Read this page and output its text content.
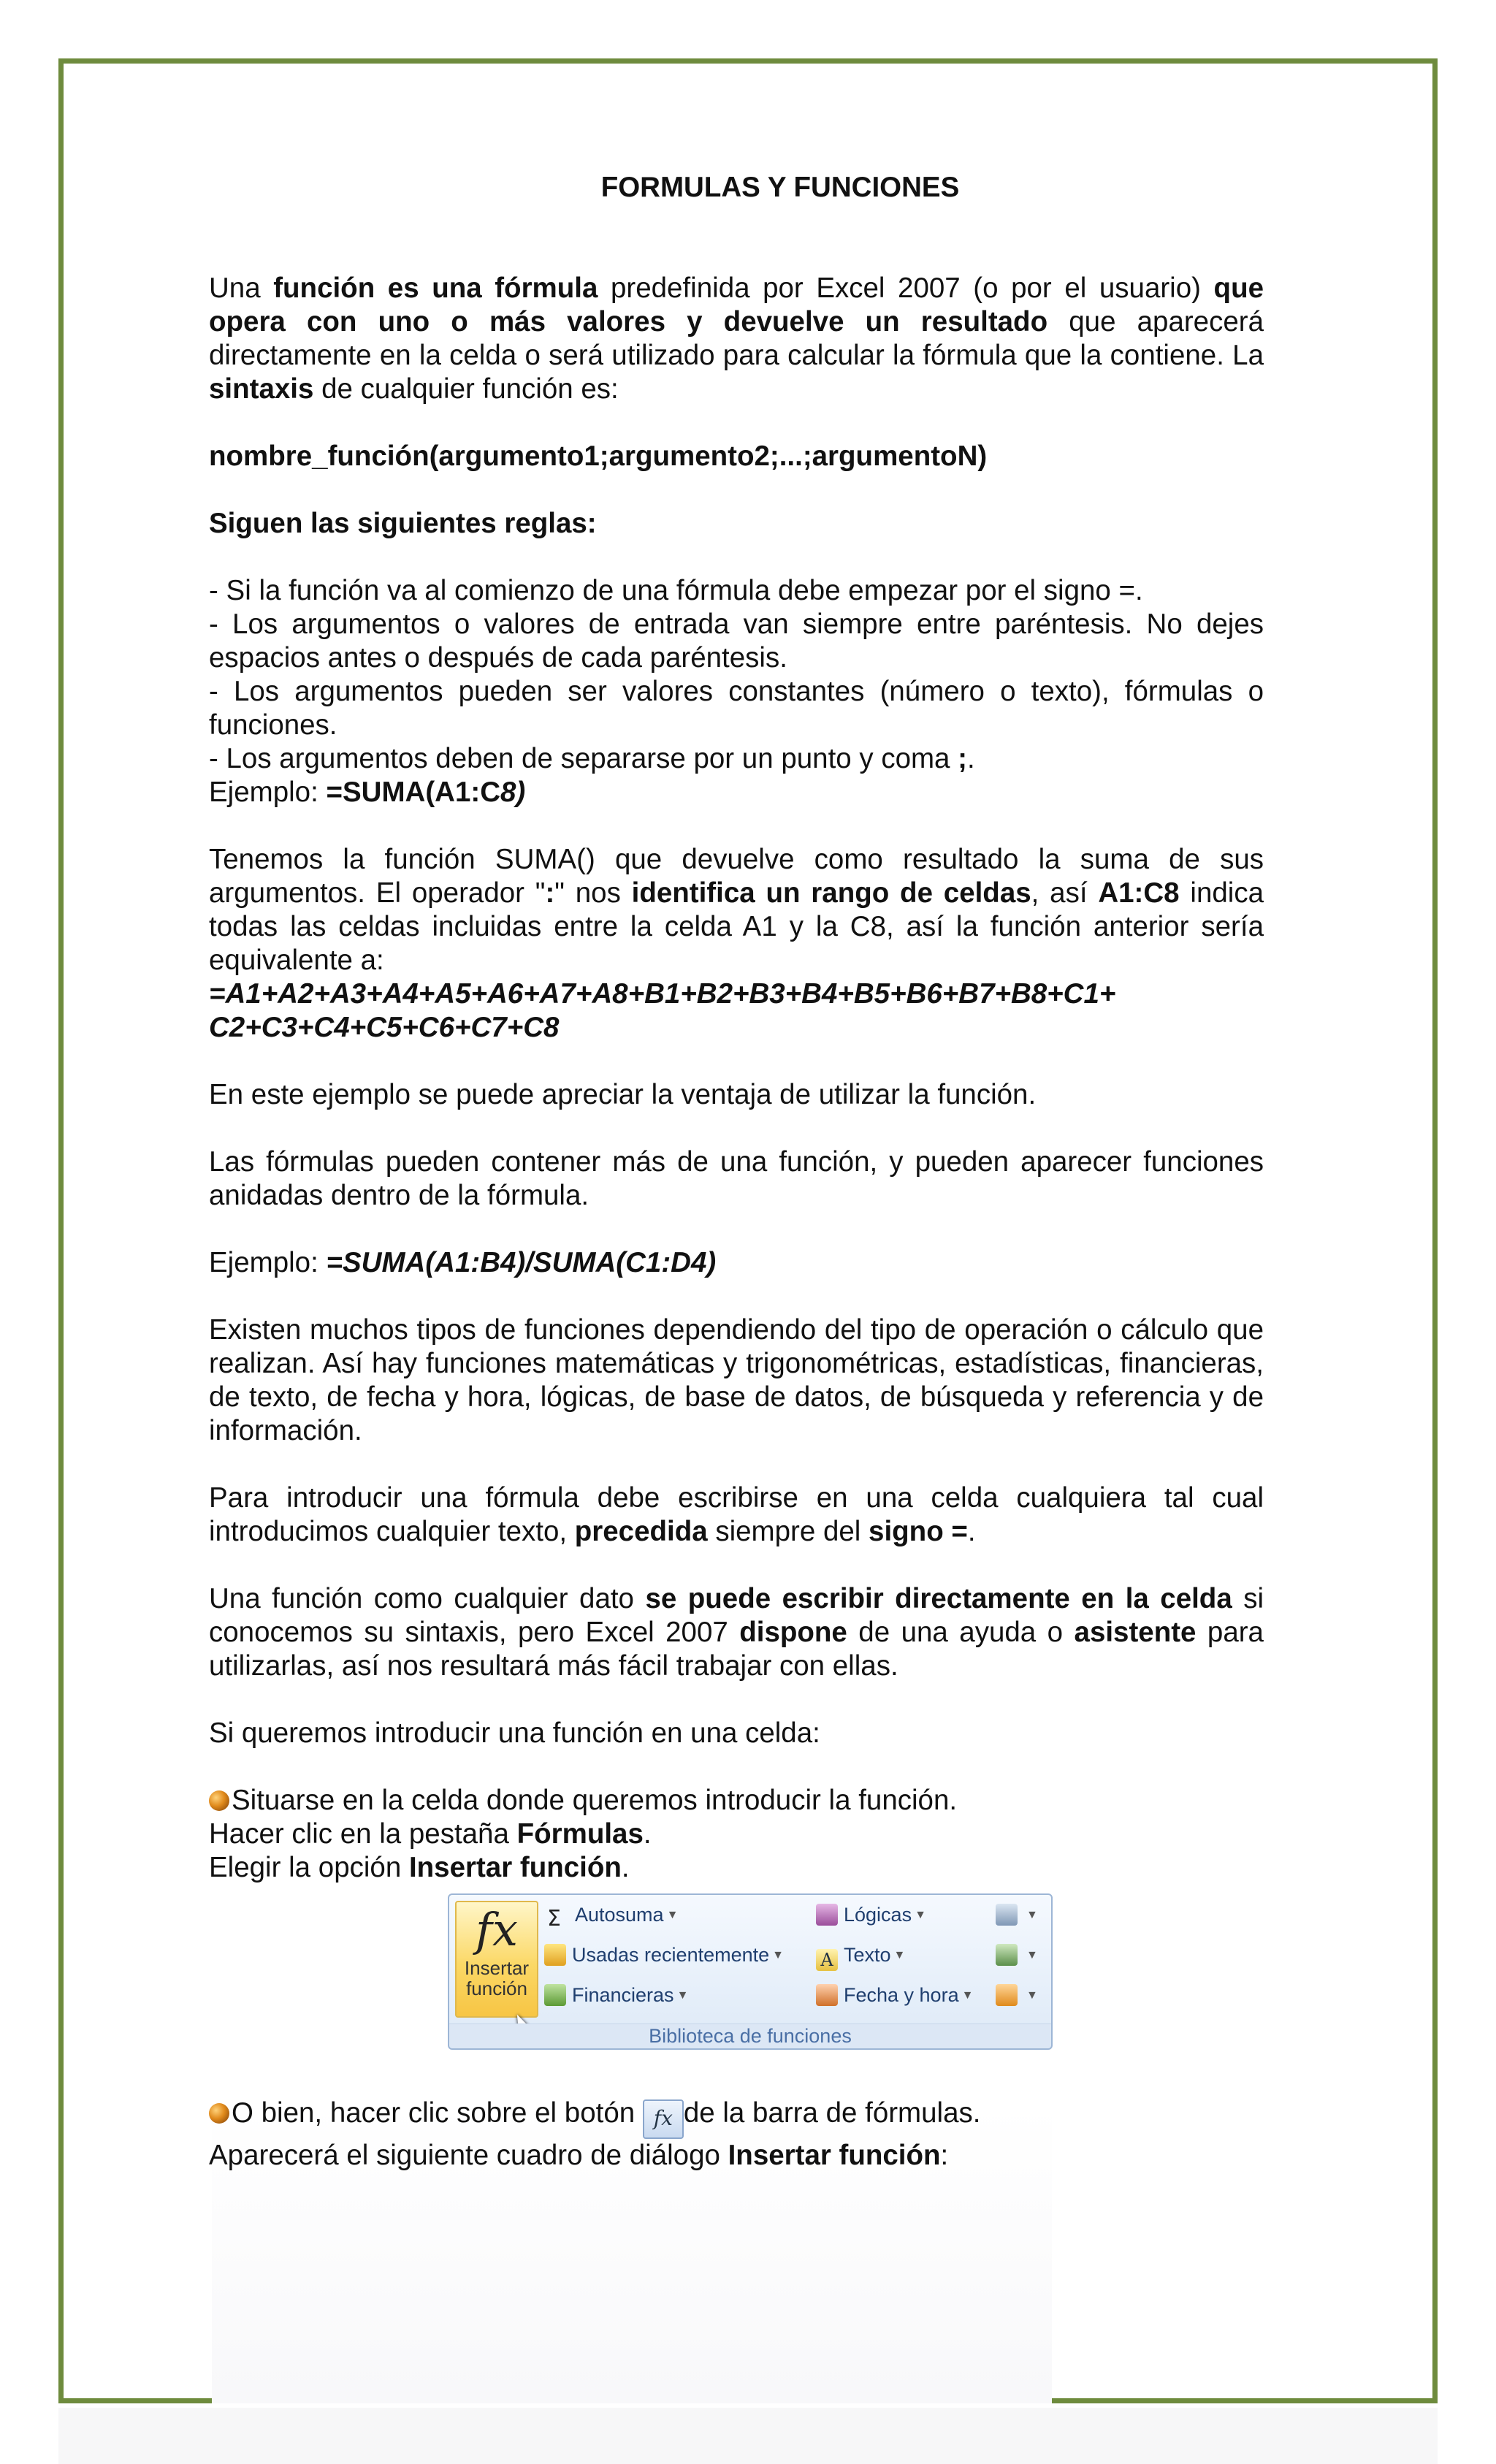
FORMULAS Y FUNCIONES

Una función es una fórmula predefinida por Excel 2007 (o por el usuario) que opera con uno o más valores y devuelve un resultado que aparecerá directamente en la celda o será utilizado para calcular la fórmula que la contiene. La sintaxis de cualquier función es:

nombre_función(argumento1;argumento2;...;argumentoN)

Siguen las siguientes reglas:

- Si la función va al comienzo de una fórmula debe empezar por el signo =.

- Los argumentos o valores de entrada van siempre entre paréntesis. No dejes espacios antes o después de cada paréntesis.

- Los argumentos pueden ser valores constantes (número o texto), fórmulas o funciones.

- Los argumentos deben de separarse por un punto y coma ;.

Ejemplo: =SUMA(A1:C8)

Tenemos la función SUMA() que devuelve como resultado la suma de sus argumentos. El operador ":" nos identifica un rango de celdas, así A1:C8 indica todas las celdas incluidas entre la celda A1 y la C8, así la función anterior sería equivalente a:

=A1+A2+A3+A4+A5+A6+A7+A8+B1+B2+B3+B4+B5+B6+B7+B8+C1+ C2+C3+C4+C5+C6+C7+C8

En este ejemplo se puede apreciar la ventaja de utilizar la función.

Las fórmulas pueden contener más de una función, y pueden aparecer funciones anidadas dentro de la fórmula.

Ejemplo: =SUMA(A1:B4)/SUMA(C1:D4)

Existen muchos tipos de funciones dependiendo del tipo de operación o cálculo que realizan. Así hay funciones matemáticas y trigonométricas, estadísticas, financieras, de texto, de fecha y hora, lógicas, de base de datos, de búsqueda y referencia y de información.

Para introducir una fórmula debe escribirse en una celda cualquiera tal cual introducimos cualquier texto, precedida siempre del signo =.

Una función como cualquier dato se puede escribir directamente en la celda si conocemos su sintaxis, pero Excel 2007 dispone de una ayuda o asistente para utilizarlas, así nos resultará más fácil trabajar con ellas.

Si queremos introducir una función en una celda:

Situarse en la celda donde queremos introducir la función.

Hacer clic en la pestaña Fórmulas.

Elegir la opción Insertar función.

fx
Insertar
función
Σ Autosuma ▼
Usadas recientemente ▼
Financieras ▼
Lógicas ▼
A Texto ▼
Fecha y hora ▼
▼
▼
▼
Biblioteca de funciones

O bien, hacer clic sobre el botón fx de la barra de fórmulas.

Aparecerá el siguiente cuadro de diálogo Insertar función:
